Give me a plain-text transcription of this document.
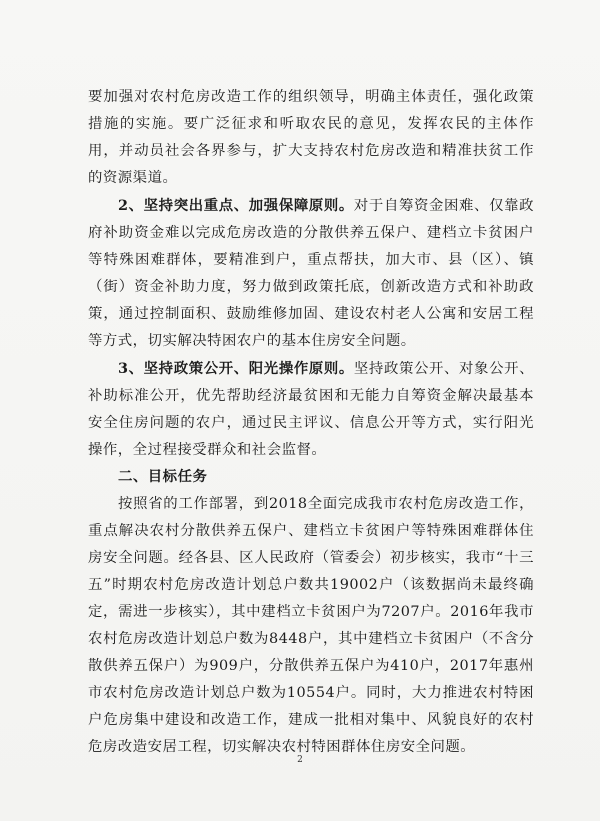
要加强对农村危房改造工作的组织领导，明确主体责任，强化政策措施的实施。要广泛征求和听取农民的意见，发挥农民的主体作用，并动员社会各界参与，扩大支持农村危房改造和精准扶贫工作的资源渠道。

2、坚持突出重点、加强保障原则。对于自筹资金困难、仅靠政府补助资金难以完成危房改造的分散供养五保户、建档立卡贫困户等特殊困难群体，要精准到户，重点帮扶，加大市、县（区）、镇（街）资金补助力度，努力做到政策托底，创新改造方式和补助政策，通过控制面积、鼓励维修加固、建设农村老人公寓和安居工程等方式，切实解决特困农户的基本住房安全问题。

3、坚持政策公开、阳光操作原则。坚持政策公开、对象公开、补助标准公开，优先帮助经济最贫困和无能力自筹资金解决最基本安全住房问题的农户，通过民主评议、信息公开等方式，实行阳光操作，全过程接受群众和社会监督。

二、目标任务

按照省的工作部署，到2018全面完成我市农村危房改造工作，重点解决农村分散供养五保户、建档立卡贫困户等特殊困难群体住房安全问题。经各县、区人民政府（管委会）初步核实，我市“十三五”时期农村危房改造计划总户数共19002户（该数据尚未最终确定，需进一步核实），其中建档立卡贫困户为7207户。2016年我市农村危房改造计划总户数为8448户，其中建档立卡贫困户（不含分散供养五保户）为909户，分散供养五保户为410户，2017年惠州市农村危房改造计划总户数为10554户。同时，大力推进农村特困户危房集中建设和改造工作，建成一批相对集中、风貌良好的农村危房改造安居工程，切实解决农村特困群体住房安全问题。

2
